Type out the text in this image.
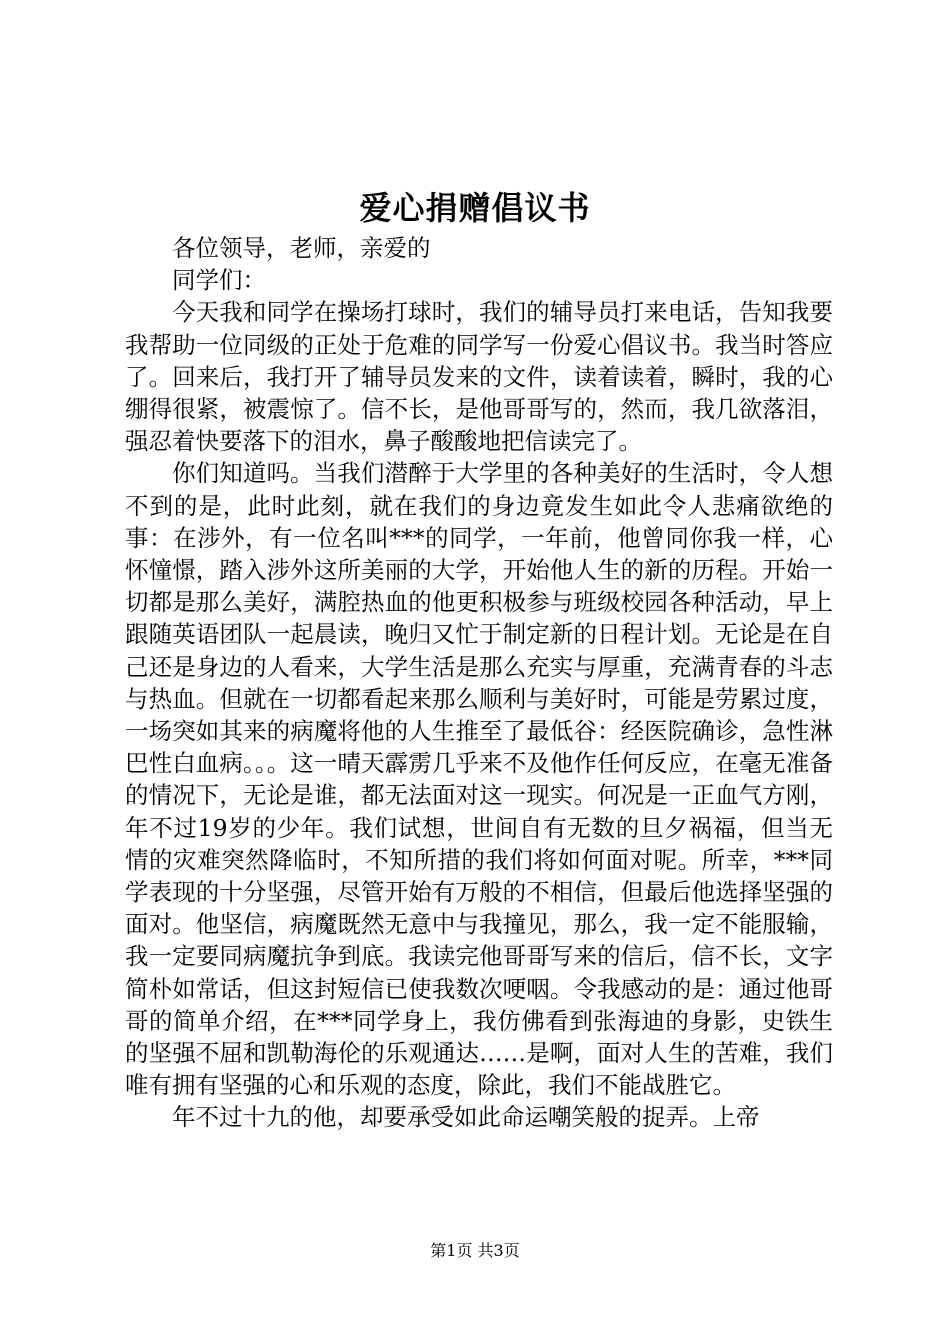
爱心捐赠倡议书

各位领导，老师，亲爱的

同学们：

今天我和同学在操场打球时，我们的辅导员打来电话，告知我要我帮助一位同级的正处于危难的同学写一份爱心倡议书。我当时答应了。回来后，我打开了辅导员发来的文件，读着读着，瞬时，我的心绷得很紧，被震惊了。信不长，是他哥哥写的，然而，我几欲落泪，强忍着快要落下的泪水，鼻子酸酸地把信读完了。

你们知道吗。当我们潜醉于大学里的各种美好的生活时，令人想不到的是，此时此刻，就在我们的身边竟发生如此令人悲痛欲绝的事：在涉外，有一位名叫***的同学，一年前，他曾同你我一样，心怀憧憬，踏入涉外这所美丽的大学，开始他人生的新的历程。开始一切都是那么美好，满腔热血的他更积极参与班级校园各种活动，早上跟随英语团队一起晨读，晚归又忙于制定新的日程计划。无论是在自己还是身边的人看来，大学生活是那么充实与厚重，充满青春的斗志与热血。但就在一切都看起来那么顺利与美好时，可能是劳累过度，一场突如其来的病魔将他的人生推至了最低谷：经医院确诊，急性淋巴性白血病。。。这一晴天霹雳几乎来不及他作任何反应，在毫无准备的情况下，无论是谁，都无法面对这一现实。何况是一正血气方刚，年不过19岁的少年。我们试想，世间自有无数的旦夕祸福，但当无情的灾难突然降临时，不知所措的我们将如何面对呢。所幸，***同学表现的十分坚强，尽管开始有万般的不相信，但最后他选择坚强的面对。他坚信，病魔既然无意中与我撞见，那么，我一定不能服输，我一定要同病魔抗争到底。我读完他哥哥写来的信后，信不长，文字简朴如常话，但这封短信已使我数次哽咽。令我感动的是：通过他哥哥的简单介绍，在***同学身上，我仿佛看到张海迪的身影，史铁生的坚强不屈和凯勒海伦的乐观通达……是啊，面对人生的苦难，我们唯有拥有坚强的心和乐观的态度，除此，我们不能战胜它。

年不过十九的他，却要承受如此命运嘲笑般的捉弄。上帝

第1页 共3页
